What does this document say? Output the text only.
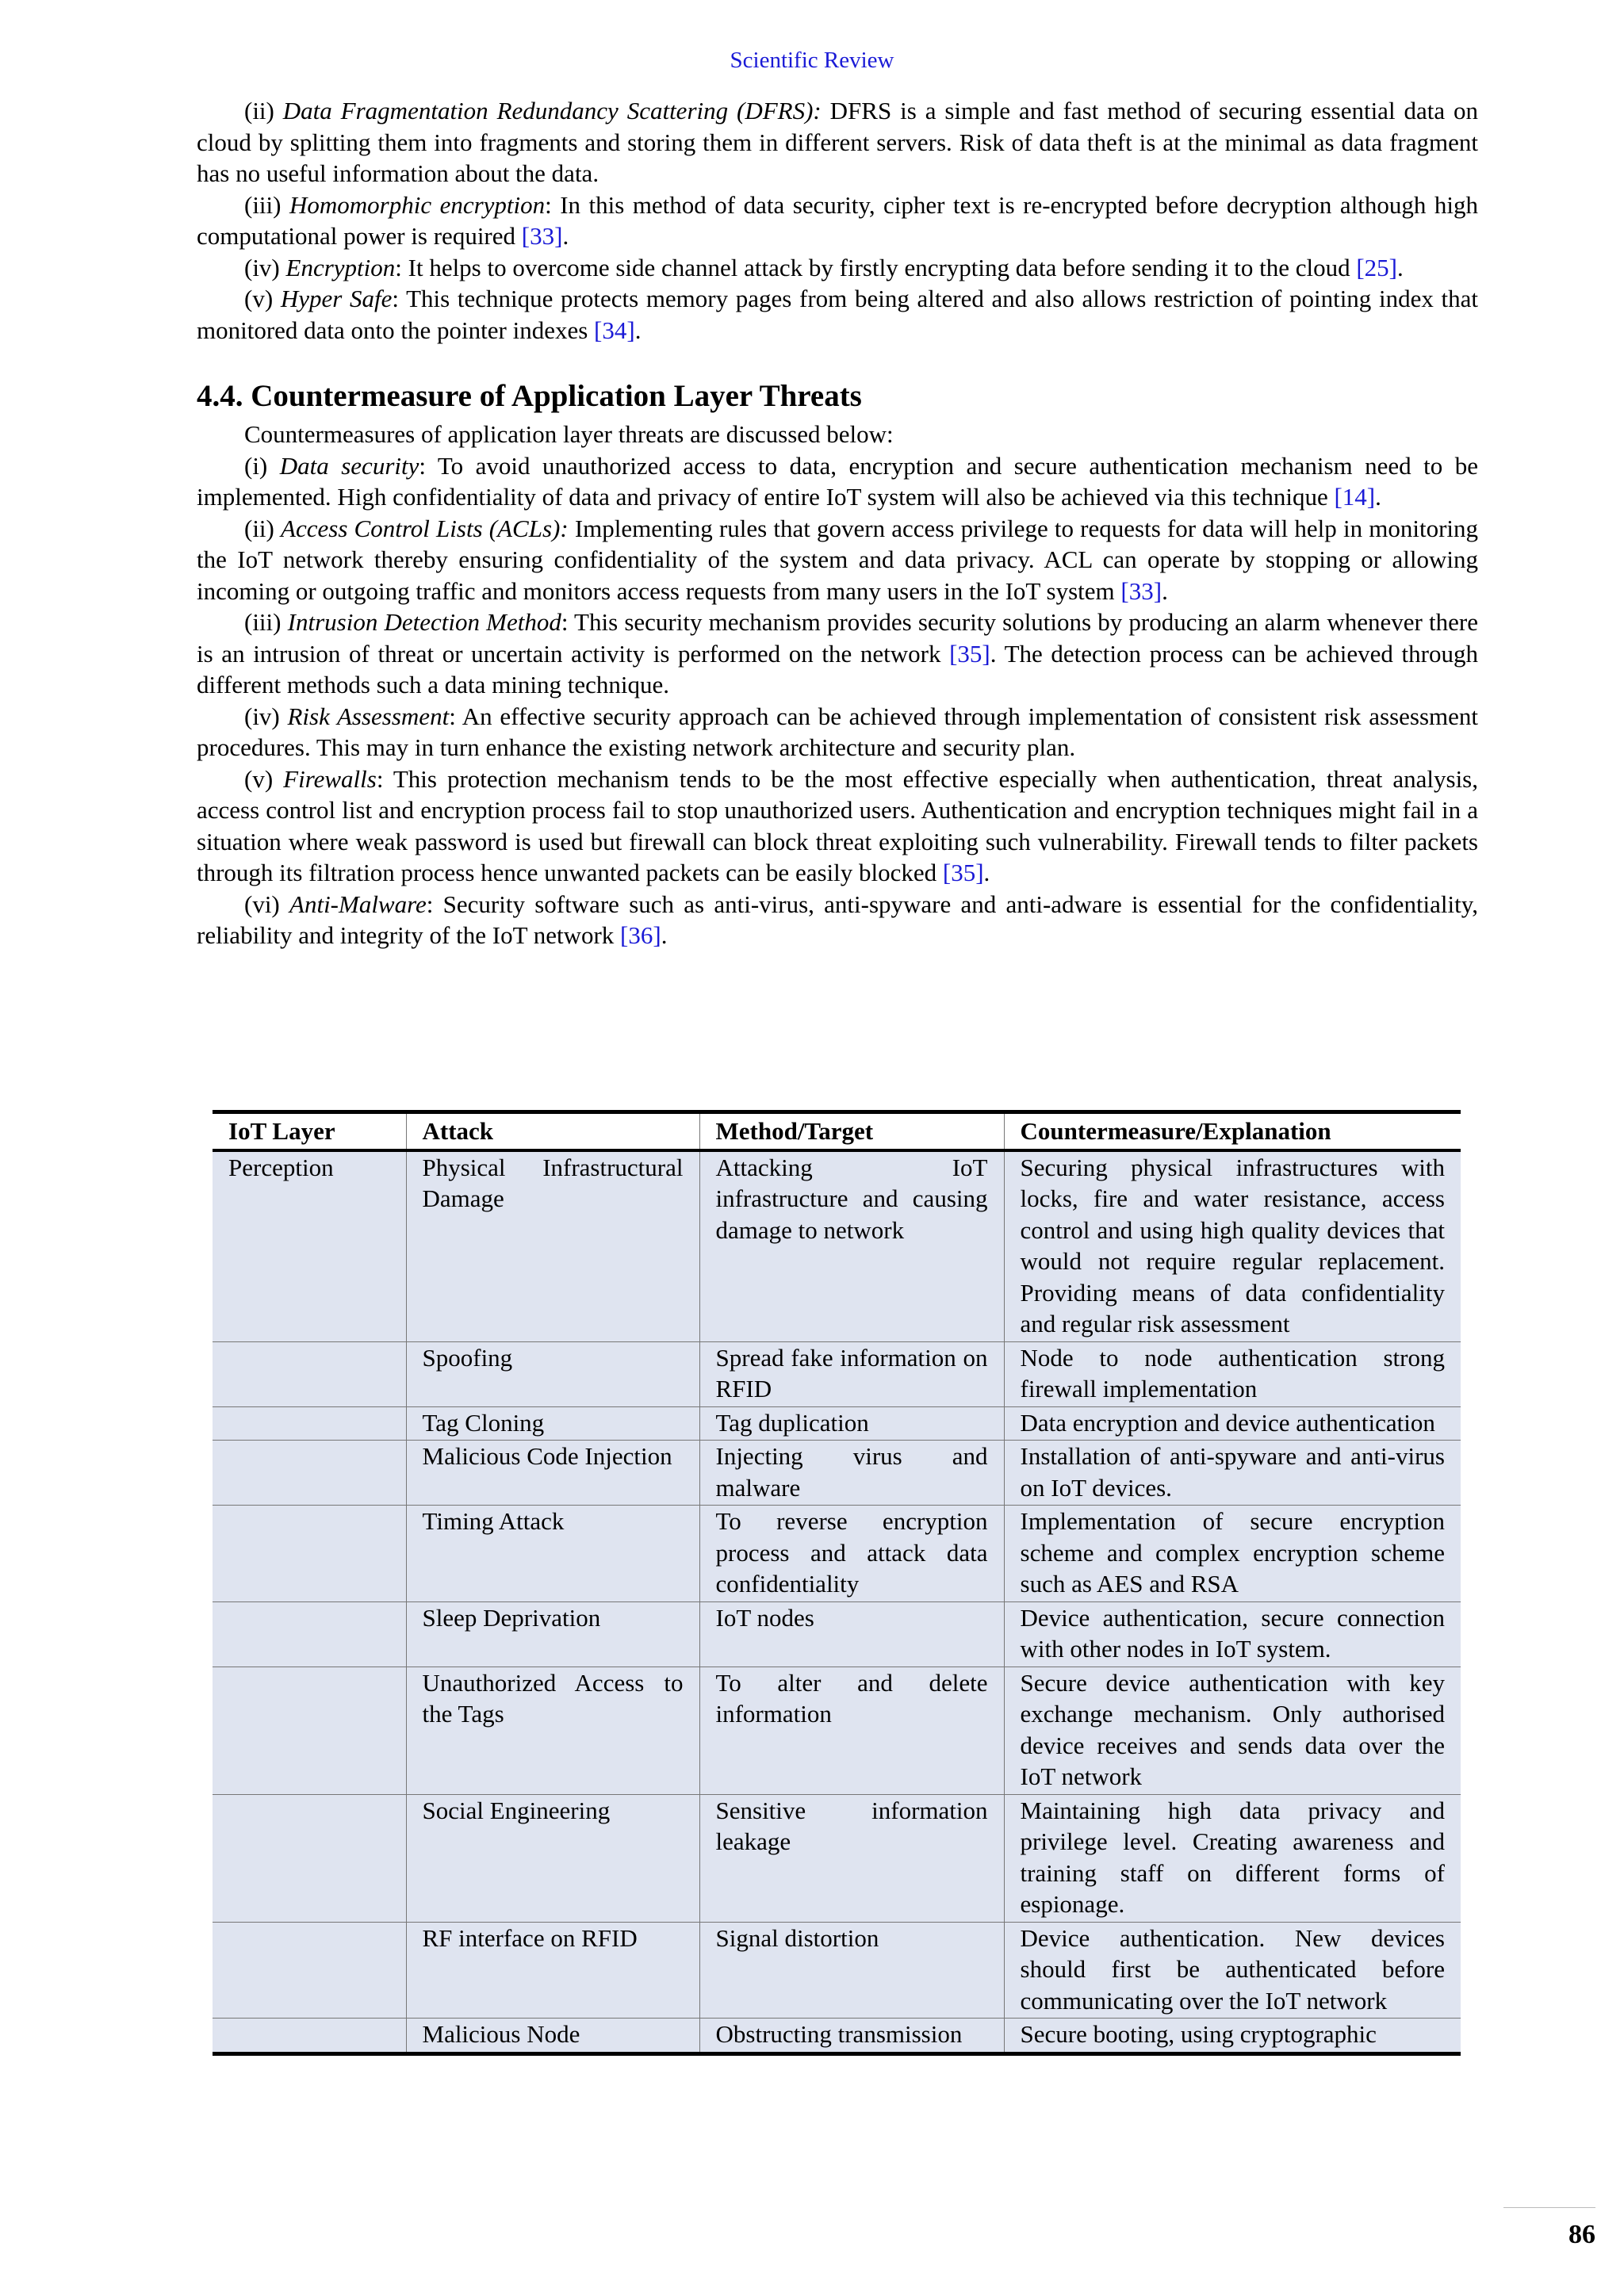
Scientific Review

(ii) Data Fragmentation Redundancy Scattering (DFRS): DFRS is a simple and fast method of securing essential data on cloud by splitting them into fragments and storing them in different servers. Risk of data theft is at the minimal as data fragment has no useful information about the data.

(iii) Homomorphic encryption: In this method of data security, cipher text is re-encrypted before decryption although high computational power is required [33].

(iv) Encryption: It helps to overcome side channel attack by firstly encrypting data before sending it to the cloud [25].

(v) Hyper Safe: This technique protects memory pages from being altered and also allows restriction of pointing index that monitored data onto the pointer indexes [34].

4.4. Countermeasure of Application Layer Threats

Countermeasures of application layer threats are discussed below:

(i) Data security: To avoid unauthorized access to data, encryption and secure authentication mechanism need to be implemented. High confidentiality of data and privacy of entire IoT system will also be achieved via this technique [14].

(ii) Access Control Lists (ACLs): Implementing rules that govern access privilege to requests for data will help in monitoring the IoT network thereby ensuring confidentiality of the system and data privacy. ACL can operate by stopping or allowing incoming or outgoing traffic and monitors access requests from many users in the IoT system [33].

(iii) Intrusion Detection Method: This security mechanism provides security solutions by producing an alarm whenever there is an intrusion of threat or uncertain activity is performed on the network [35]. The detection process can be achieved through different methods such a data mining technique.

(iv) Risk Assessment: An effective security approach can be achieved through implementation of consistent risk assessment procedures. This may in turn enhance the existing network architecture and security plan.

(v) Firewalls: This protection mechanism tends to be the most effective especially when authentication, threat analysis, access control list and encryption process fail to stop unauthorized users. Authentication and encryption techniques might fail in a situation where weak password is used but firewall can block threat exploiting such vulnerability. Firewall tends to filter packets through its filtration process hence unwanted packets can be easily blocked [35].

(vi) Anti-Malware: Security software such as anti-virus, anti-spyware and anti-adware is essential for the confidentiality, reliability and integrity of the IoT network [36].

IoT Layer	Attack	Method/Target	Countermeasure/Explanation
Perception	Physical Infrastructural Damage	Attacking IoT infrastructure and causing damage to network	Securing physical infrastructures with locks, fire and water resistance, access control and using high quality devices that would not require regular replacement. Providing means of data confidentiality and regular risk assessment
	Spoofing	Spread fake information on RFID	Node to node authentication strong firewall implementation
	Tag Cloning	Tag duplication	Data encryption and device authentication
	Malicious Code Injection	Injecting virus and malware	Installation of anti-spyware and anti-virus on IoT devices.
	Timing Attack	To reverse encryption process and attack data confidentiality	Implementation of secure encryption scheme and complex encryption scheme such as AES and RSA
	Sleep Deprivation	IoT nodes	Device authentication, secure connection with other nodes in IoT system.
	Unauthorized Access to the Tags	To alter and delete information	Secure device authentication with key exchange mechanism. Only authorised device receives and sends data over the IoT network
	Social Engineering	Sensitive information leakage	Maintaining high data privacy and privilege level. Creating awareness and training staff on different forms of espionage.
	RF interface on RFID	Signal distortion	Device authentication. New devices should first be authenticated before communicating over the IoT network
	Malicious Node	Obstructing transmission	Secure booting, using cryptographic
86
